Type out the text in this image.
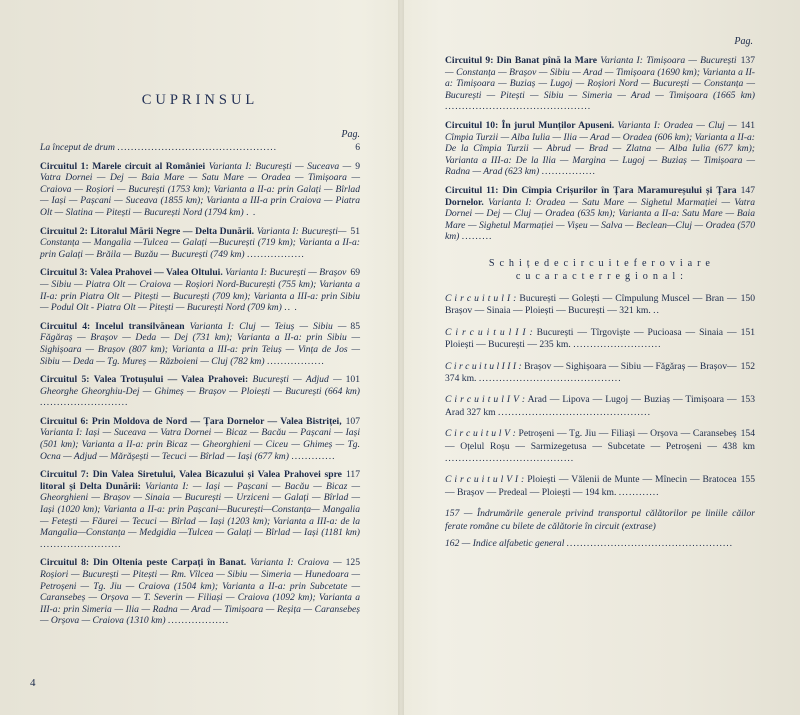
CUPRINSUL
Pag.
6
La început de drum ...............................................
9
Circuitul 1: Marele circuit al României Varianta I: București — Suceava — Vatra Dornei — Dej — Baia Mare — Satu Mare — Oradea — Timișoara — Craiova — Roșiori — București (1753 km); Varianta a II-a: prin Galați — Bîrlad — Iași — Pașcani — Suceava (1855 km); Varianta a III-a prin Craiova — Piatra Olt — Slatina — Pitești — București Nord (1794 km) . .
51
Circuitul 2: Litoralul Mării Negre — Delta Dunării. Varianta I: București—Constanța — Mangalia —Tulcea — Galați —București (719 km); Varianta a II-a: prin Galați — Brăila — Buzău — București (749 km) .................
69
Circuitul 3: Valea Prahovei — Valea Oltului. Varianta I: București — Brașov — Sibiu — Piatra Olt — Craiova — Roșiori Nord-București (755 km); Varianta a II-a: prin Piatra Olt — Pitești — București (709 km); Varianta a III-a: prin Sibiu — Podul Olt - Piatra Olt — Pitești — București Nord (709 km) .. .
85
Circuitul 4: Incelul transilvănean Varianta I: Cluj — Teiuș — Sibiu — Făgăraș — Brașov — Deda — Dej (731 km); Varianta a II-a: prin Sibiu — Sighișoara — Brașov (807 km); Varianta a III-a: prin Teiuș — Vința de Jos — Sibiu — Deda — Tg. Mureș — Războieni — Cluj (782 km) .................
101
Circuitul 5: Valea Trotușului — Valea Prahovei: București — Adjud — Gheorghe Gheorghiu-Dej — Ghimeș — Brașov — Ploiești — București (664 km) ..........................
107
Circuitul 6: Prin Moldova de Nord — Țara Dornelor — Valea Bistriței, Varianta I: Iași — Suceava — Vatra Dornei — Bicaz — Bacău — Pașcani — Iași (501 km); Varianta a II-a: prin Bicaz — Gheorghieni — Ciceu — Ghimeș — Tg. Ocna — Adjud — Mărășești — Tecuci — Bîrlad — Iași (677 km) .............
117
Circuitul 7: Din Valea Siretului, Valea Bicazului și Valea Prahovei spre litoral și Delta Dunării: Varianta I: — Iași — Pașcani — Bacău — Bicaz — Gheorghieni — Brașov — Sinaia — București — Urziceni — Galați — Bîrlad — Iași (1020 km); Varianta a II-a: prin Pașcani—București—Constanța— Mangalia — Fetești — Făurei — Tecuci — Bîrlad — Iași (1203 km); Varianta a III-a: de la Mangalia—Constanța — Medgidia —Tulcea — Galați — Bîrlad — Iași (1181 km) ........................
125
Circuitul 8: Din Oltenia peste Carpați în Banat. Varianta I: Craiova — Roșiori — București — Pitești — Rm. Vîlcea — Sibiu — Simeria — Hunedoara — Petroșeni — Tg. Jiu — Craiova (1504 km); Varianta a II-a: prin Subcetate — Caransebeș — Orșova — T. Severin — Filiași — Craiova (1092 km); Varianta a III-a: prin Simeria — Ilia — Radna — Arad — Timișoara — Reșița — Caransebeș — Orșova — Craiova (1310 km) ..................
4
Pag.
137
Circuitul 9: Din Banat pînă la Mare Varianta I: Timișoara — București — Constanța — Brașov — Sibiu — Arad — Timișoara (1690 km); Varianta a II-a: Timișoara — Buziaș — Lugoj — Roșiori Nord — București — Constanța — București — Pitești — Sibiu — Simeria — Arad — Timișoara (1665 km) ...........................................
141
Circuitul 10: În jurul Munților Apuseni. Varianta I: Oradea — Cluj — Cîmpia Turzii — Alba Iulia — Ilia — Arad — Oradea (606 km); Varianta a II-a: De la Cîmpia Turzii — Abrud — Brad — Zlatna — Alba Iulia (677 km); Varianta a III-a: De la Ilia — Margina — Lugoj — Buziaș — Timișoara — Radna — Arad (623 km) ................
147
Circuitul 11: Din Cîmpia Crișurilor în Țara Maramureșului și Țara Dornelor. Varianta I: Oradea — Satu Mare — Sighetul Marmației — Vatra Dornei — Dej — Cluj — Oradea (635 km); Varianta a II-a: Satu Mare — Baia Mare — Sighetul Marmației — Vișeu — Salva — Beclean—Cluj — Oradea (570 km) .........
S c h i ț e d e c i r c u i t e f e r o v i a r e
c u c a r a c t e r r e g i o n a l :
150
C i r c u i t u l I : București — Golești — Cîmpulung Muscel — Bran — Brașov — Sinaia — Ploiești — București — 321 km. ..
151
C i r c u i t u l I I : București — Tîrgoviște — Pucioasa — Sinaia — Ploiești — București — 235 km. ..........................
152
C i r c u i t u l I I I : Brașov — Sighișoara — Sibiu — Făgăraș — Brașov—374 km. ..........................................
153
C i r c u i t u l I V : Arad — Lipova — Lugoj — Buziaș — Timișoara — Arad 327 km .............................................
154
C i r c u i t u l V : Petroșeni — Tg. Jiu — Filiași — Orșova — Caransebeș — Oțelul Roșu — Sarmizegetusa — Subcetate — Petroșeni — 438 km ......................................
155
C i r c u i t u l V I : Ploiești — Vălenii de Munte — Mînecin — Bratocea — Brașov — Predeal — Ploiești — 194 km. ............
157 — Îndrumările generale privind transportul călătorilor pe liniile căilor ferate române cu bilete de călătorie în circuit (extrase)
162 — Indice alfabetic general .................................................
